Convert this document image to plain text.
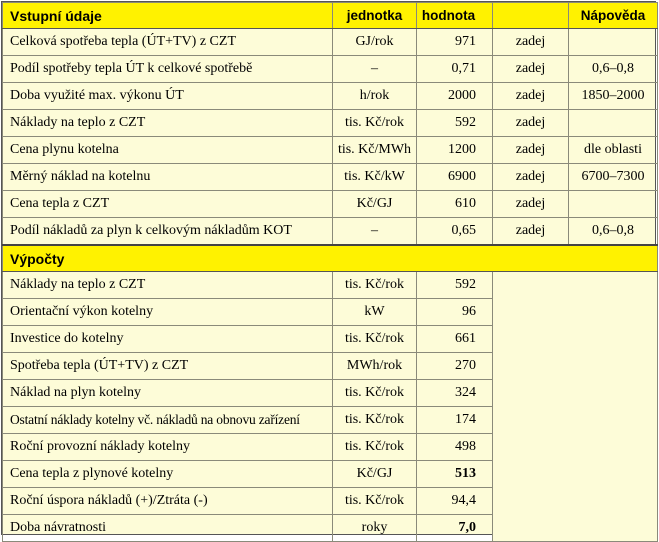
Vstupní údaje	jednotka	hodnota		Nápověda
Celková spotřeba tepla (ÚT+TV) z CZT	GJ/rok	971	zadej	
Podíl spotřeby tepla ÚT k celkové spotřebě	–	0,71	zadej	0,6–0,8
Doba využité max. výkonu ÚT	h/rok	2000	zadej	1850–2000
Náklady na teplo z CZT	tis. Kč/rok	592	zadej	
Cena plynu kotelna	tis. Kč/MWh	1200	zadej	dle oblasti
Měrný náklad na kotelnu	tis. Kč/kW	6900	zadej	6700–7300
Cena tepla z CZT	Kč/GJ	610	zadej	
Podíl nákladů za plyn k celkovým nákladům KOT	–	0,65	zadej	0,6–0,8
Výpočty				
Náklady na teplo z CZT	tis. Kč/rok	592		
Orientační výkon kotelny	kW	96		
Investice do kotelny	tis. Kč/rok	661		
Spotřeba tepla (ÚT+TV) z CZT	MWh/rok	270		
Náklad na plyn kotelny	tis. Kč/rok	324		
Ostatní náklady kotelny vč. nákladů na obnovu zařízení	tis. Kč/rok	174		
Roční provozní náklady kotelny	tis. Kč/rok	498		
Cena tepla z plynové kotelny	Kč/GJ	513		
Roční úspora nákladů (+)/Ztráta (-)	tis. Kč/rok	94,4		
Doba návratnosti	roky	7,0		
